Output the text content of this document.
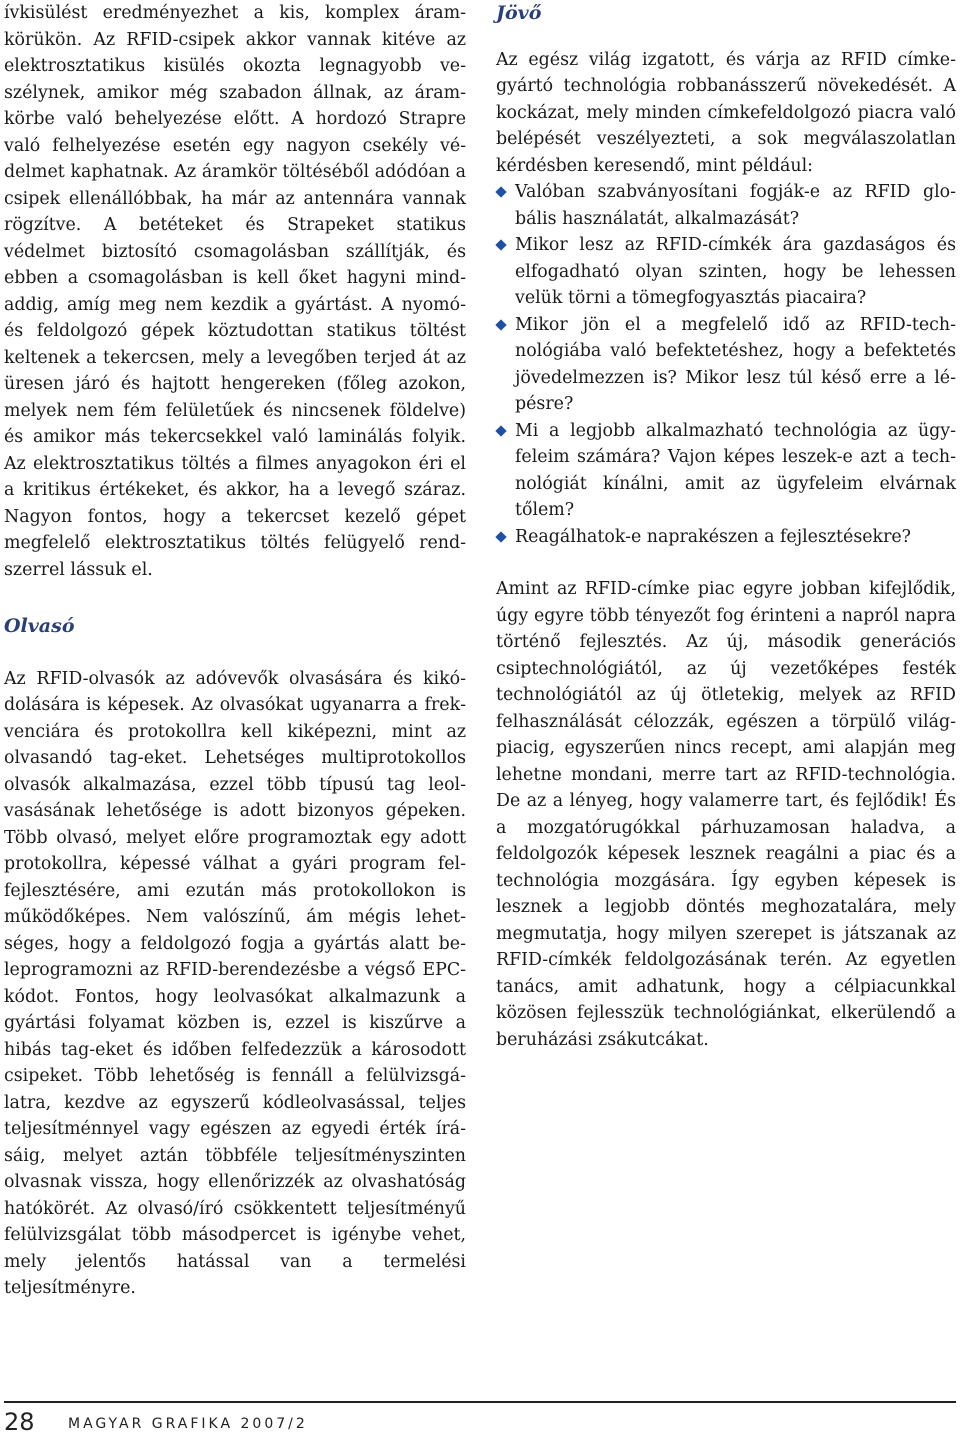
ívkisülést eredményezhet a kis, komplex áramkörükön. Az RFID-csipek akkor vannak kitéve az elektrosztatikus kisülés okozta legnagyobb veszélynek, amikor még szabadon állnak, az áramkörbe való behelyezése előtt. A hordozó Strapre való felhelyezése esetén egy nagyon csekély védelmet kaphatnak. Az áramkör töltéséből adódóan a csipek ellenállóbbak, ha már az antennára vannak rögzítve. A betéteket és Strapeket statikus védelmet biztosító csomagolásban szállítják, és ebben a csomagolásban is kell őket hagyni mindaddig, amíg meg nem kezdik a gyártást. A nyomó- és feldolgozó gépek köztudottan statikus töltést keltenek a tekercsen, mely a levegőben terjed át az üresen járó és hajtott hengereken (főleg azokon, melyek nem fém felületűek és nincsenek földelve) és amikor más tekercsekkel való laminálás folyik. Az elektrosztatikus töltés a filmes anyagokon éri el a kritikus értékeket, és akkor, ha a levegő száraz. Nagyon fontos, hogy a tekercset kezelő gépet megfelelő elektrosztatikus töltés felügyelő rendszerrel lássuk el.

Olvasó

Az RFID-olvasók az adóvevők olvasására és kikódolására is képesek. Az olvasókat ugyanarra a frekvenciára és protokollra kell kiképezni, mint az olvasandó tag-eket. Lehetséges multiprotokollos olvasók alkalmazása, ezzel több típusú tag leolvasásának lehetősége is adott bizonyos gépeken. Több olvasó, melyet előre programoztak egy adott protokollra, képessé válhat a gyári program felfejlesztésére, ami ezután más protokollokon is működőképes. Nem valószínű, ám mégis lehetséges, hogy a feldolgozó fogja a gyártás alatt beleprogramozni az RFID-berendezésbe a végső EPC-kódot. Fontos, hogy leolvasókat alkalmazunk a gyártási folyamat közben is, ezzel is kiszűrve a hibás tag-eket és időben felfedezzük a károsodott csipeket. Több lehetőség is fennáll a felülvizsgálatra, kezdve az egyszerű kódleolvasással, teljes teljesítménnyel vagy egészen az egyedi érték írásáig, melyet aztán többféle teljesítményszinten olvasnak vissza, hogy ellenőrizzék az olvashatóság hatókörét. Az olvasó/író csökkentett teljesítményű felülvizsgálat több másodpercet is igénybe vehet, mely jelentős hatással van a termelési teljesítményre.

Jövő

Az egész világ izgatott, és várja az RFID címkegyártó technológia robbanásszerű növekedését. A kockázat, mely minden címkefeldolgozó piacra való belépését veszélyezteti, a sok megválaszolatlan kérdésben keresendő, mint például:

Valóban szabványosítani fogják-e az RFID globális használatát, alkalmazását?
Mikor lesz az RFID-címkék ára gazdaságos és elfogadható olyan szinten, hogy be lehessen velük törni a tömegfogyasztás piacaira?
Mikor jön el a megfelelő idő az RFID-technológiába való befektetéshez, hogy a befektetés jövedelmezzen is? Mikor lesz túl késő erre a lépésre?
Mi a legjobb alkalmazható technológia az ügyfeleim számára? Vajon képes leszek-e azt a technológiát kínálni, amit az ügyfeleim elvárnak tőlem?
Reagálhatok-e naprakészen a fejlesztésekre?

Amint az RFID-címke piac egyre jobban kifejlődik, úgy egyre több tényezőt fog érinteni a napról napra történő fejlesztés. Az új, második generációs csiptechnológiától, az új vezetőképes festék technológiától az új ötletekig, melyek az RFID felhasználását célozzák, egészen a törpülő világpiacig, egyszerűen nincs recept, ami alapján meg lehetne mondani, merre tart az RFID-technológia. De az a lényeg, hogy valamerre tart, és fejlődik! És a mozgatórugókkal párhuzamosan haladva, a feldolgozók képesek lesznek reagálni a piac és a technológia mozgására. Így egyben képesek is lesznek a legjobb döntés meghozatalára, mely megmutatja, hogy milyen szerepet is játszanak az RFID-címkék feldolgozásának terén. Az egyetlen tanács, amit adhatunk, hogy a célpiacunkkal közösen fejlesszük technológiánkat, elkerülendő a beruházási zsákutcákat.

28 MAGYAR GRAFIKA 2007/2
